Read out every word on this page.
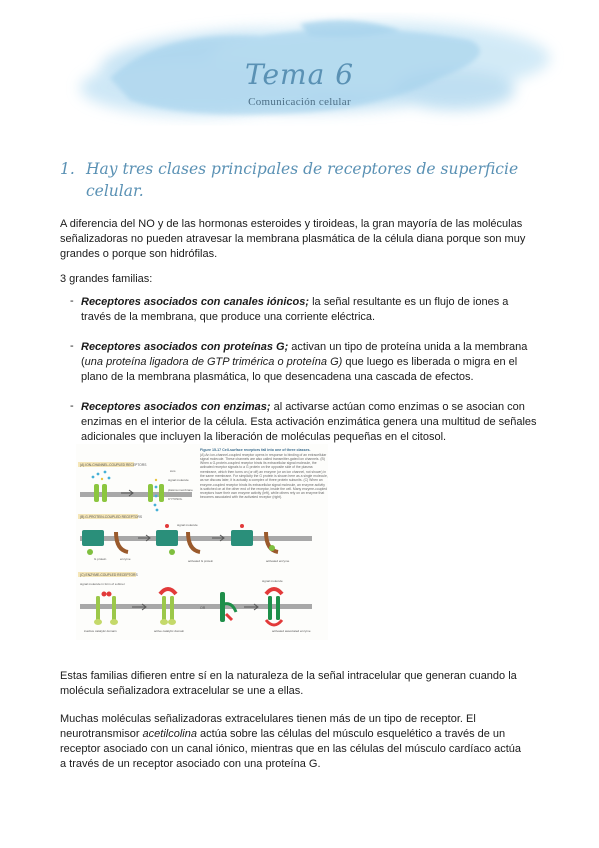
Tema 6
Comunicación celular
1. Hay tres clases principales de receptores de superficie celular.
A diferencia del NO y de las hormonas esteroides y tiroideas, la gran mayoría de las moléculas señalizadoras no pueden atravesar la membrana plasmática de la célula diana porque son muy grandes o porque son hidrófilas.
3 grandes familias:
- Receptores asociados con canales iónicos; la señal resultante es un flujo de iones a través de la membrana, que produce una corriente eléctrica.
- Receptores asociados con proteínas G; activan un tipo de proteína unida a la membrana (una proteína ligadora de GTP trimérica o proteína G) que luego es liberada o migra en el plano de la membrana plasmática, lo que desencadena una cascada de efectos.
- Receptores asociados con enzimas; al activarse actúan como enzimas o se asocian con enzimas en el interior de la célula. Esta activación enzimática genera una multitud de señales adicionales que incluyen la liberación de moléculas pequeñas en el citosol.
Figure 15-17 Cell-surface receptors fall into one of three classes.
(A) An ion-channel-coupled receptor opens in response to binding of an extracellular signal molecule. These channels are also called transmitter-gated ion channels. (B) When a G-protein-coupled receptor binds its extracellular signal molecule, the activated receptor signals to a G protein on the opposite side of the plasma membrane, which then turns on (or off) an enzyme (or an ion channel, not shown) in the same membrane. For simplicity the G protein is shown here as a single molecule, as we discuss later, it is actually a complex of three protein subunits. (C) When an enzyme-coupled receptor binds its extracellular signal molecule, an enzyme activity is switched on at the other end of the receptor, inside the cell. Many enzyme-coupled receptors have their own enzyme activity (left), while others rely on an enzyme that becomes associated with the activated receptor (right).
(A) ION-CHANNEL-COUPLED RECEPTORS
ions
signal molecule
plasma membrane
CYTOSOL
(B) G-PROTEIN-COUPLED RECEPTORS
G protein	enzyme
signal molecule
activated G protein	activated enzyme
(C) ENZYME-COUPLED RECEPTORS
signal molecule in form of a dimer
inactive catalytic domain	active catalytic domain
OR
signal molecule
activated associated enzyme
Estas familias difieren entre sí en la naturaleza de la señal intracelular que generan cuando la molécula señalizadora extracelular se une a ellas.
Muchas moléculas señalizadoras extracelulares tienen más de un tipo de receptor. El neurotransmisor acetilcolina actúa sobre las células del músculo esquelético a través de un receptor asociado con un canal iónico, mientras que en las células del músculo cardíaco actúa a través de un receptor asociado con una proteína G.
